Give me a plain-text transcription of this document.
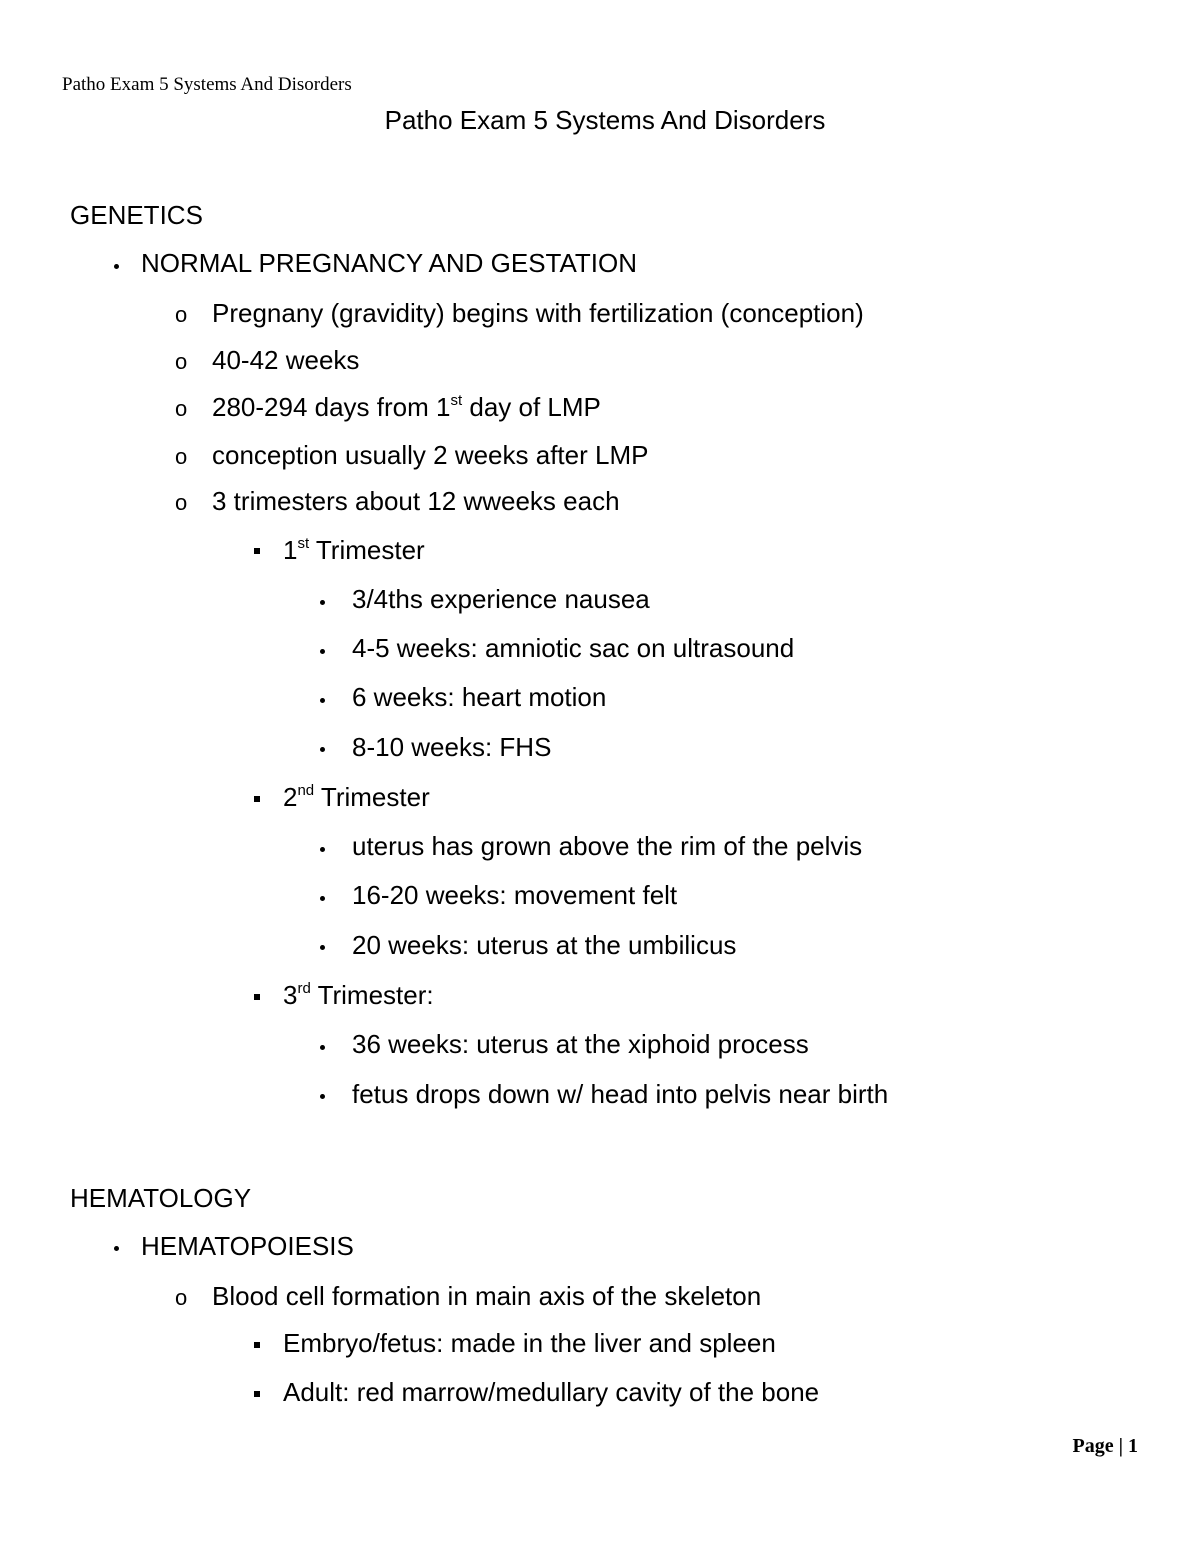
Patho Exam 5 Systems And Disorders
Patho Exam 5 Systems And Disorders
GENETICS
NORMAL PREGNANCY AND GESTATION
o Pregnany (gravidity) begins with fertilization (conception)
o 40-42 weeks
o 280-294 days from 1st day of LMP
o conception usually 2 weeks after LMP
o 3 trimesters about 12 wweeks each
1st Trimester
3/4ths experience nausea
4-5 weeks: amniotic sac on ultrasound
6 weeks: heart motion
8-10 weeks: FHS
2nd Trimester
uterus has grown above the rim of the pelvis
16-20 weeks: movement felt
20 weeks: uterus at the umbilicus
3rd Trimester:
36 weeks: uterus at the xiphoid process
fetus drops down w/ head into pelvis near birth
HEMATOLOGY
HEMATOPOIESIS
o Blood cell formation in main axis of the skeleton
Embryo/fetus: made in the liver and spleen
Adult: red marrow/medullary cavity of the bone
Page | 1
